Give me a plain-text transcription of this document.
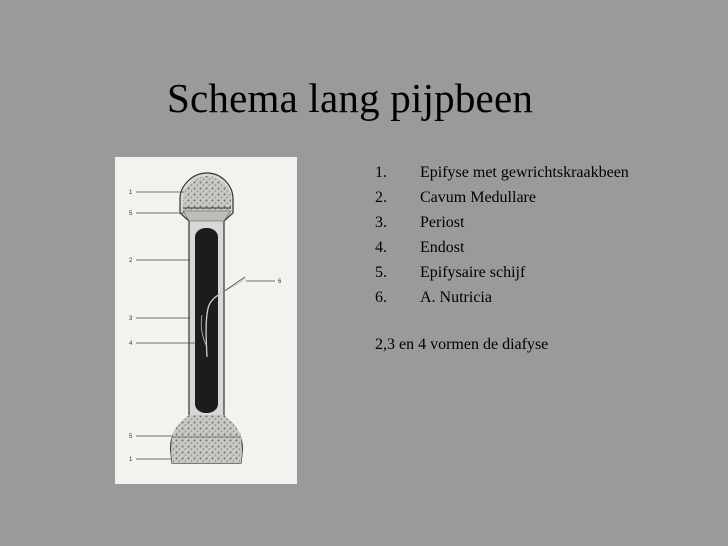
Schema lang pijpbeen
1
5
2
3
4
6
5
1
1.	Epifyse met gewrichtskraakbeen
2.	Cavum Medullare
3.	Periost
4.	Endost
5.	Epifysaire schijf
6.	A. Nutricia
2,3 en 4 vormen de diafyse
